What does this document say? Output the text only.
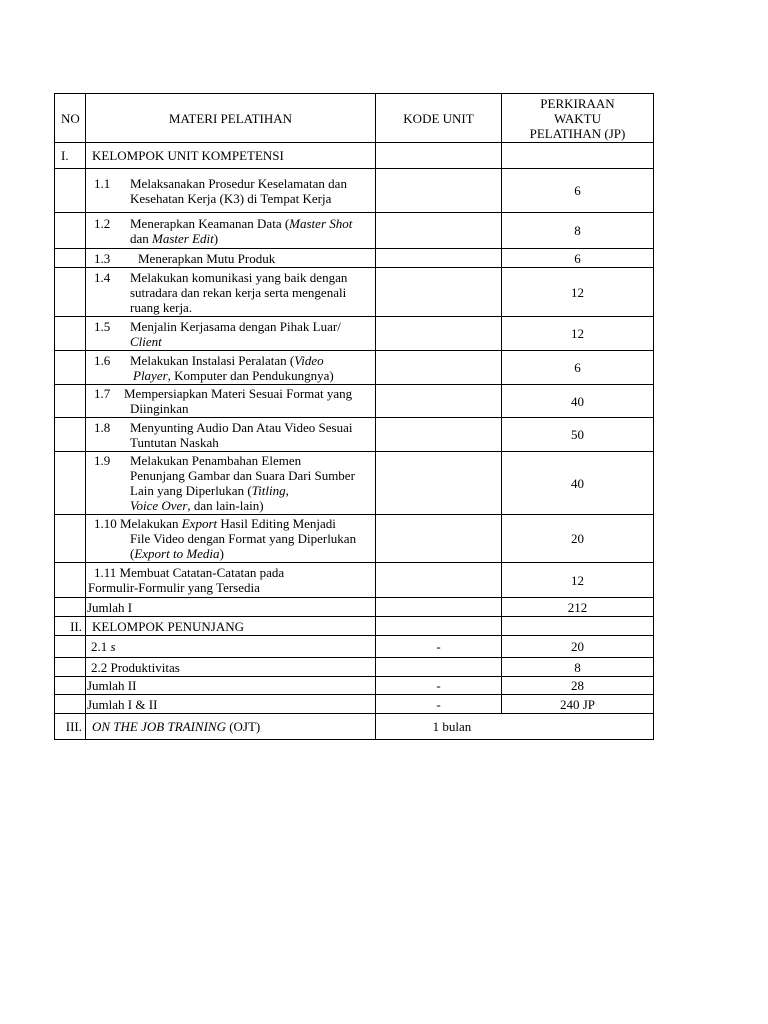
NO	MATERI PELATIHAN	KODE UNIT	PERKIRAAN
WAKTU
PELATIHAN (JP)

I.	KELOMPOK UNIT KOMPETENSI		

	1.1 Melaksanakan Prosedur Keselamatan dan
Kesehatan Kerja (K3) di Tempat Kerja		6

	1.2 Menerapkan Keamanan Data (Master Shot
dan Master Edit)		8

	1.3 Menerapkan Mutu Produk		6

	1.4 Melakukan komunikasi yang baik dengan
sutradara dan rekan kerja serta mengenali
ruang kerja.		12

	1.5 Menjalin Kerjasama dengan Pihak Luar/
Client		12

	1.6 Melakukan Instalasi Peralatan (Video
Player, Komputer dan Pendukungnya)		6

	1.7 Mempersiapkan Materi Sesuai Format yang
Diinginkan		40

	1.8 Menyunting Audio Dan Atau Video Sesuai
Tuntutan Naskah		50

	1.9 Melakukan Penambahan Elemen
Penunjang Gambar dan Suara Dari Sumber
Lain yang Diperlukan (Titling,
Voice Over, dan lain-lain)		40

	1.10 Melakukan Export Hasil Editing Menjadi
File Video dengan Format yang Diperlukan
(Export to Media)		20

	1.11 Membuat Catatan-Catatan pada
Formulir-Formulir yang Tersedia		12
	Jumlah I		212
II.	KELOMPOK PENUNJANG		
	2.1 s	-	20
	2.2 Produktivitas		8
	Jumlah II	-	28
	Jumlah I & II	-	240 JP
III.	ON THE JOB TRAINING (OJT)	1 bulan	
